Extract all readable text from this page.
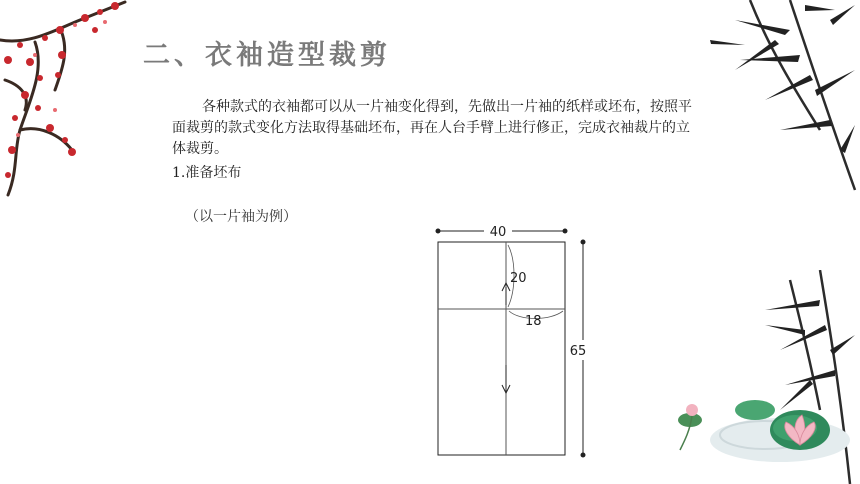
二、衣袖造型裁剪
各种款式的衣袖都可以从一片袖变化得到，先做出一片袖的纸样或坯布，按照平面裁剪的款式变化方法取得基础坯布，再在人台手臂上进行修正，完成衣袖裁片的立体裁剪。
1.准备坯布
（以一片袖为例）
40
65
20
18
